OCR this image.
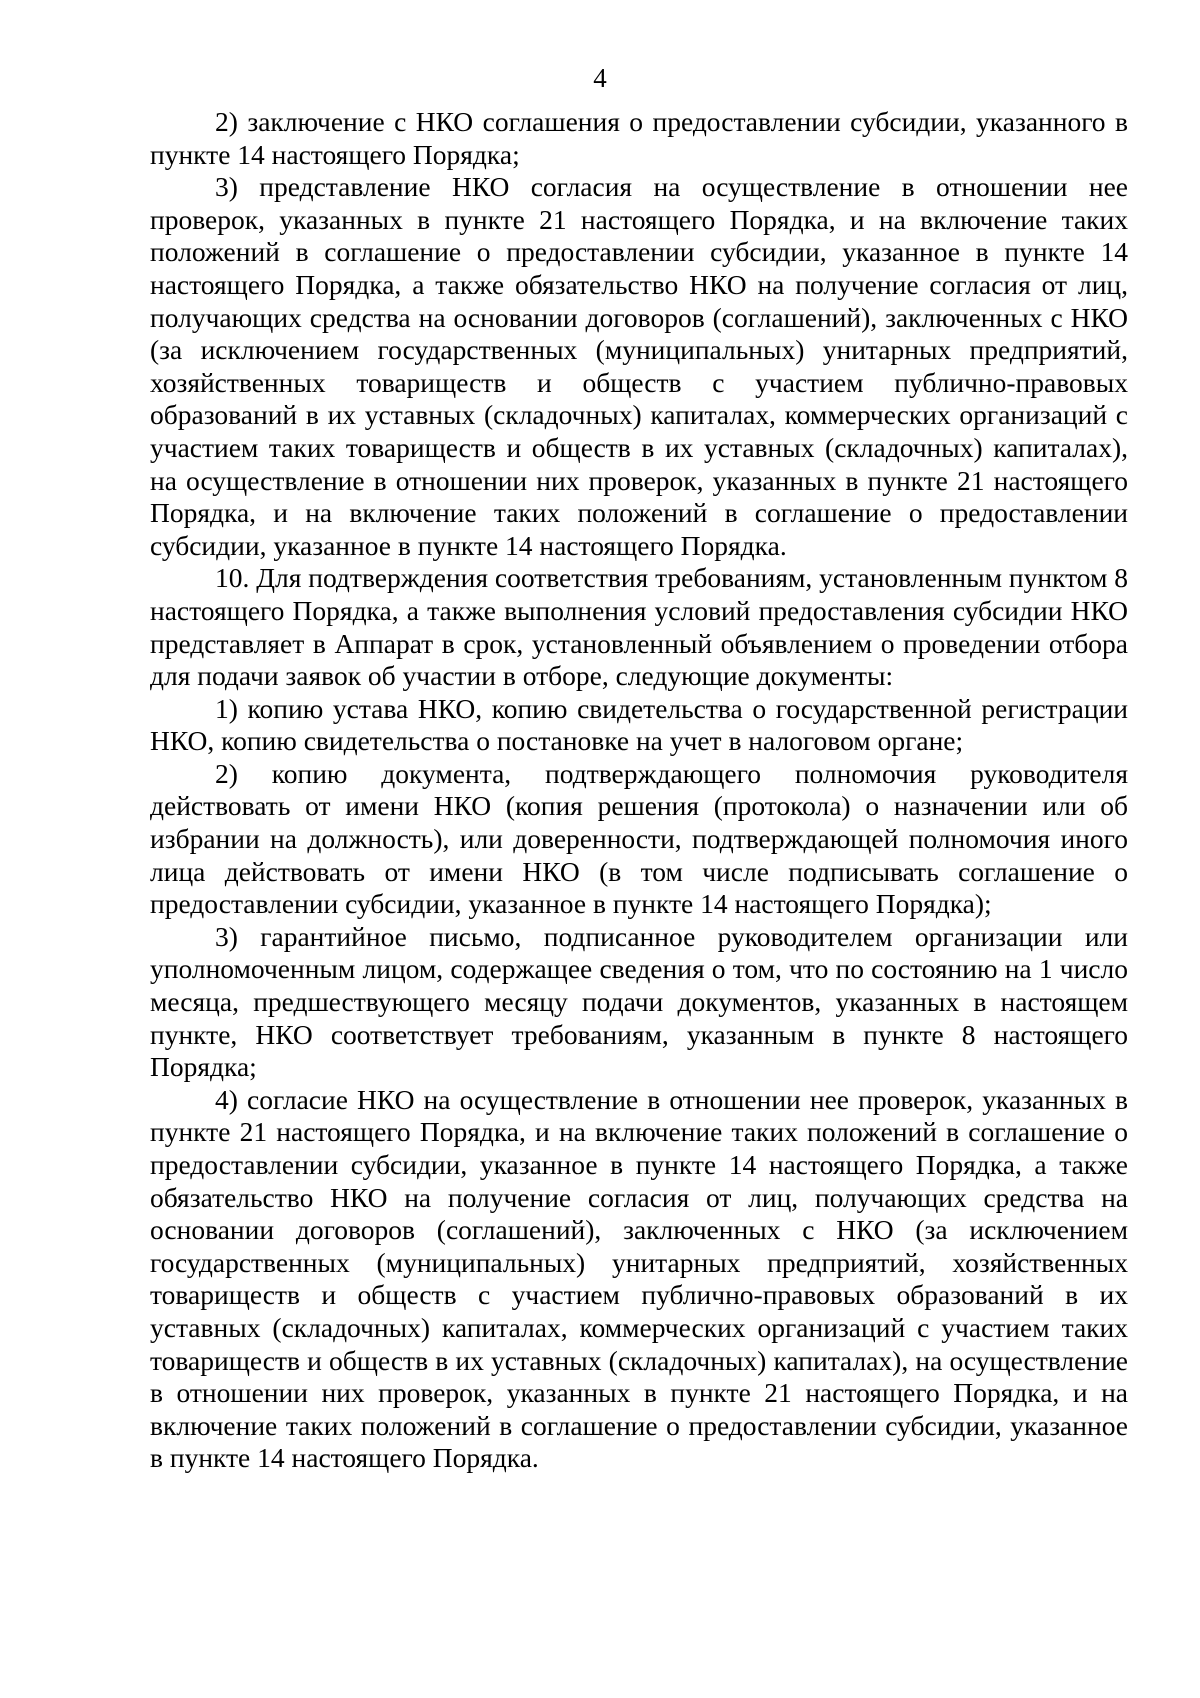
4

2) заключение с НКО соглашения о предоставлении субсидии, указанного в пункте 14 настоящего Порядка;

3) представление НКО согласия на осуществление в отношении нее проверок, указанных в пункте 21 настоящего Порядка, и на включение таких положений в соглашение о предоставлении субсидии, указанное в пункте 14 настоящего Порядка, а также обязательство НКО на получение согласия от лиц, получающих средства на основании договоров (соглашений), заключенных с НКО (за исключением государственных (муниципальных) унитарных предприятий, хозяйственных товариществ и обществ с участием публично-правовых образований в их уставных (складочных) капиталах, коммерческих организаций с участием таких товариществ и обществ в их уставных (складочных) капиталах), на осуществление в отношении них проверок, указанных в пункте 21 настоящего Порядка, и на включение таких положений в соглашение о предоставлении субсидии, указанное в пункте 14 настоящего Порядка.

10. Для подтверждения соответствия требованиям, установленным пунктом 8 настоящего Порядка, а также выполнения условий предоставления субсидии НКО представляет в Аппарат в срок, установленный объявлением о проведении отбора для подачи заявок об участии в отборе, следующие документы:

1) копию устава НКО, копию свидетельства о государственной регистрации НКО, копию свидетельства о постановке на учет в налоговом органе;

2) копию документа, подтверждающего полномочия руководителя действовать от имени НКО (копия решения (протокола) о назначении или об избрании на должность), или доверенности, подтверждающей полномочия иного лица действовать от имени НКО (в том числе подписывать соглашение о предоставлении субсидии, указанное в пункте 14 настоящего Порядка);

3) гарантийное письмо, подписанное руководителем организации или уполномоченным лицом, содержащее сведения о том, что по состоянию на 1 число месяца, предшествующего месяцу подачи документов, указанных в настоящем пункте, НКО соответствует требованиям, указанным в пункте 8 настоящего Порядка;

4) согласие НКО на осуществление в отношении нее проверок, указанных в пункте 21 настоящего Порядка, и на включение таких положений в соглашение о предоставлении субсидии, указанное в пункте 14 настоящего Порядка, а также обязательство НКО на получение согласия от лиц, получающих средства на основании договоров (соглашений), заключенных с НКО (за исключением государственных (муниципальных) унитарных предприятий, хозяйственных товариществ и обществ с участием публично-правовых образований в их уставных (складочных) капиталах, коммерческих организаций с участием таких товариществ и обществ в их уставных (складочных) капиталах), на осуществление в отношении них проверок, указанных в пункте 21 настоящего Порядка, и на включение таких положений в соглашение о предоставлении субсидии, указанное в пункте 14 настоящего Порядка.
